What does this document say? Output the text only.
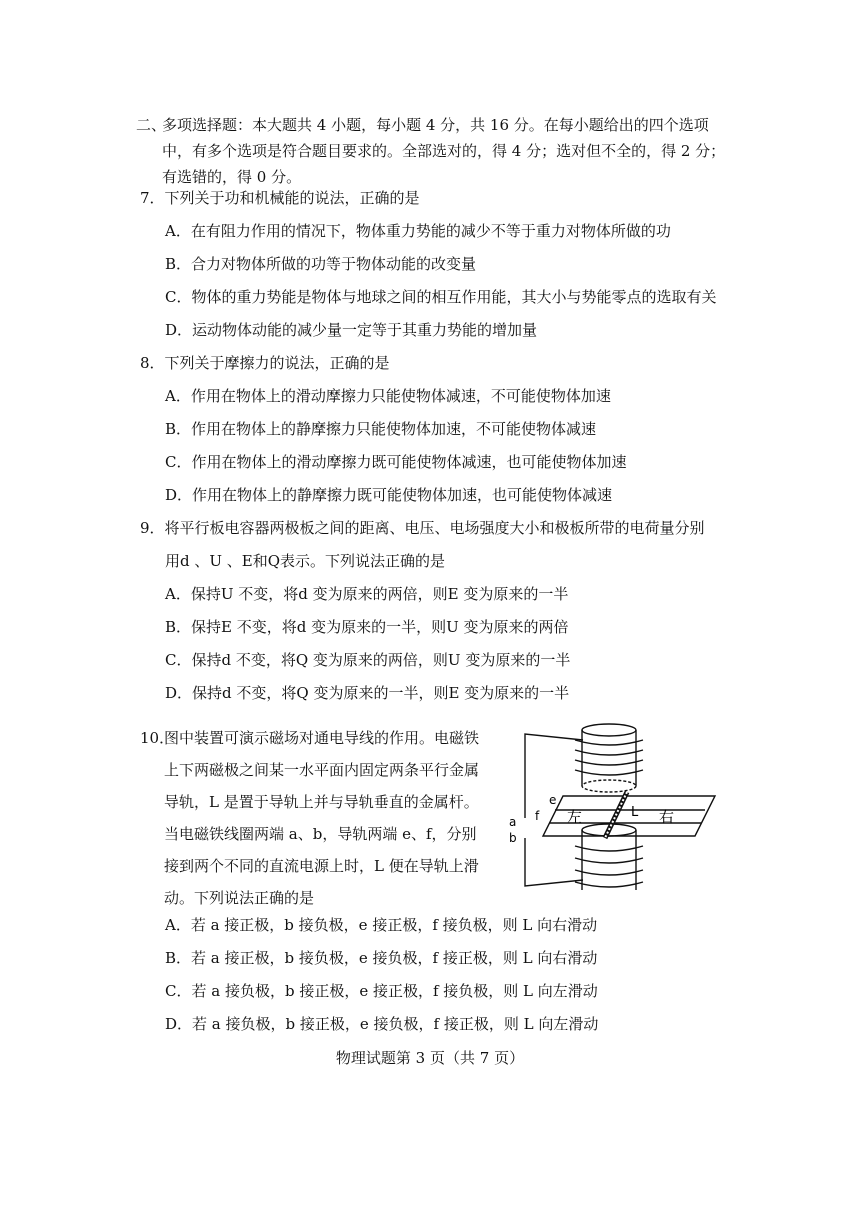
二、
多项选择题：本大题共 4 小题，每小题 4 分，共 16 分。在每小题给出的四个选项中，有多个选项是符合题目要求的。全部选对的，得 4 分；选对但不全的，得 2 分；有选错的，得 0 分。
7．下列关于功和机械能的说法，正确的是
A．在有阻力作用的情况下，物体重力势能的减少不等于重力对物体所做的功
B．合力对物体所做的功等于物体动能的改变量
C．物体的重力势能是物体与地球之间的相互作用能，其大小与势能零点的选取有关
D．运动物体动能的减少量一定等于其重力势能的增加量
8．下列关于摩擦力的说法，正确的是
A．作用在物体上的滑动摩擦力只能使物体减速，不可能使物体加速
B．作用在物体上的静摩擦力只能使物体加速，不可能使物体减速
C．作用在物体上的滑动摩擦力既可能使物体减速，也可能使物体加速
D．作用在物体上的静摩擦力既可能使物体加速，也可能使物体减速
9．将平行板电容器两极板之间的距离、电压、电场强度大小和极板所带的电荷量分别
用d 、U 、E和Q表示。下列说法正确的是
A．保持U 不变，将d 变为原来的两倍，则E 变为原来的一半
B．保持E 不变，将d 变为原来的一半，则U 变为原来的两倍
C．保持d 不变，将Q 变为原来的两倍，则U 变为原来的一半
D．保持d 不变，将Q 变为原来的一半，则E 变为原来的一半
10．
图中装置可演示磁场对通电导线的作用。电磁铁上下两磁极之间某一水平面内固定两条平行金属导轨，L 是置于导轨上并与导轨垂直的金属杆。当电磁铁线圈两端 a、b，导轨两端 e、f，分别接到两个不同的直流电源上时，L 便在导轨上滑动。下列说法正确的是
a
b
e
f 左	右
L
A．若 a 接正极，b 接负极，e 接正极，f 接负极，则 L 向右滑动
B．若 a 接正极，b 接负极，e 接负极，f 接正极，则 L 向右滑动
C．若 a 接负极，b 接正极，e 接正极，f 接负极，则 L 向左滑动
D．若 a 接负极，b 接正极，e 接负极，f 接正极，则 L 向左滑动
物理试题第 3 页（共 7 页）
